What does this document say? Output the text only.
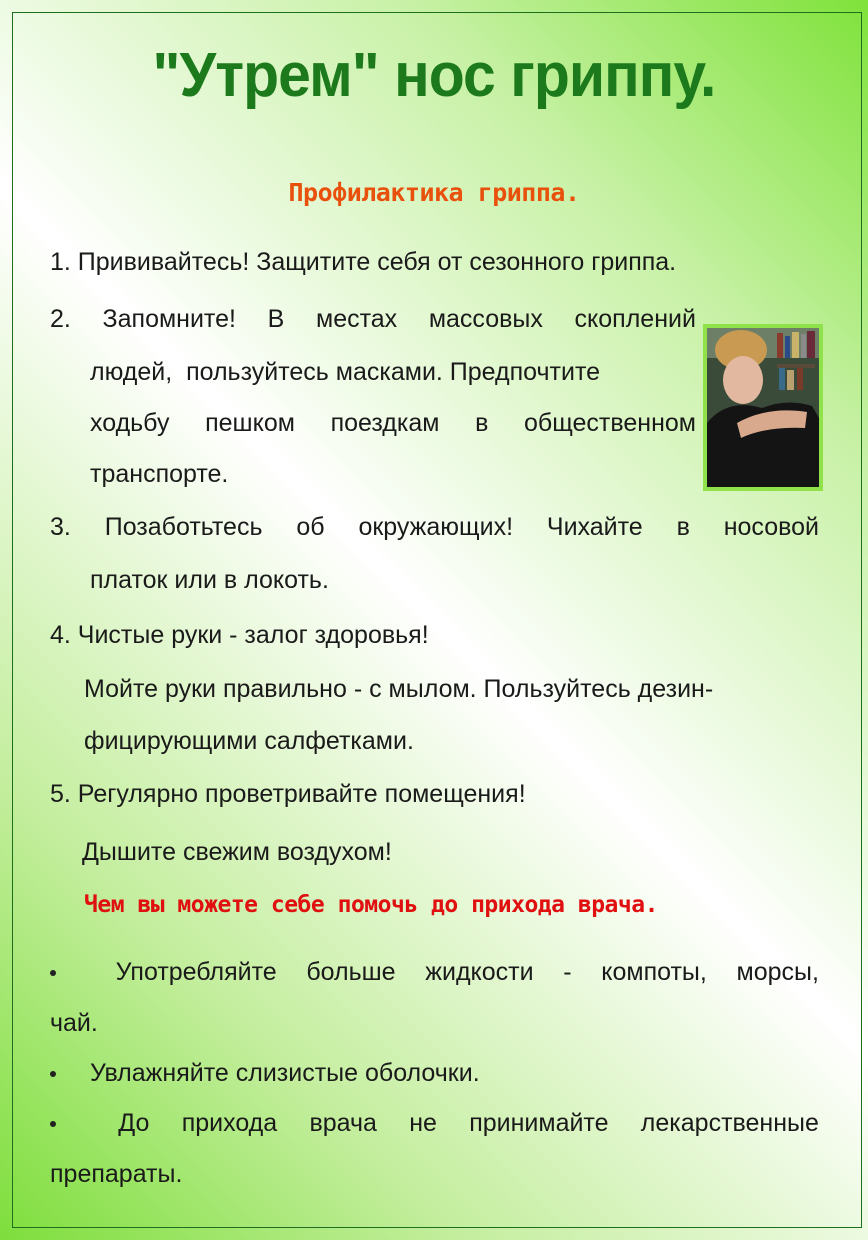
"Утрем" нос гриппу.
Профилактика гриппа.
1. Прививайтесь! Защитите себя от сезонного гриппа.
2. Запомните! В местах массовых скоплений
людей,  пользуйтесь масками. Предпочтите
ходьбу пешком поездкам в общественном
транспорте.
3. Позаботьтесь об окружающих! Чихайте в носовой
платок или в локоть.
4. Чистые руки - залог здоровья!
Мойте руки правильно - с мылом. Пользуйтесь дезин-
фицирующими салфетками.
5. Регулярно проветривайте помещения!
Дышите свежим воздухом!
Чем вы можете себе помочь до прихода врача.
Употребляйте больше жидкости - компоты, морсы,
чай.
Увлажняйте слизистые оболочки.
До прихода врача не принимайте лекарственные
препараты.
